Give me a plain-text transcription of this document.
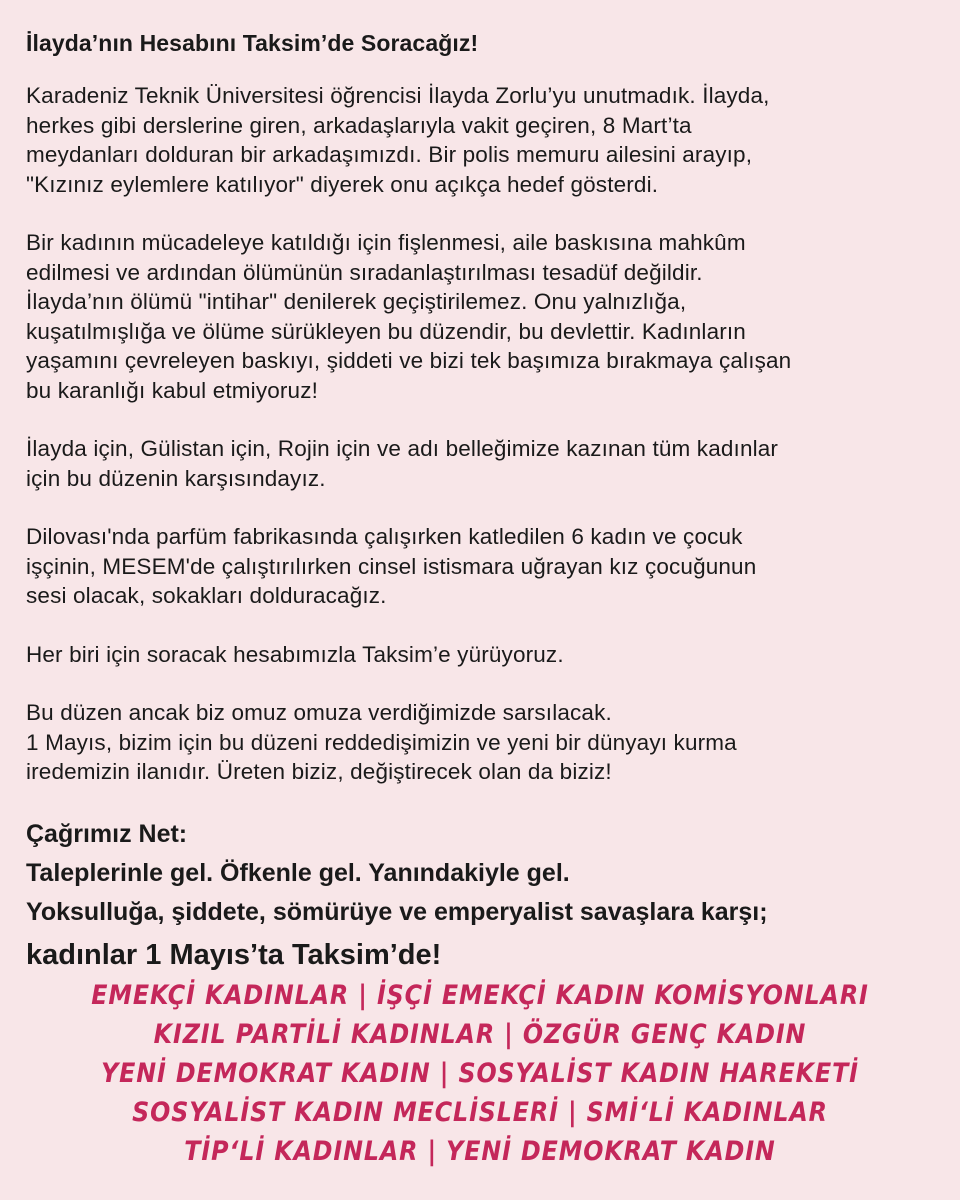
İlayda’nın Hesabını Taksim’de Soracağız!
Karadeniz Teknik Üniversitesi öğrencisi İlayda Zorlu’yu unutmadık. İlayda,
herkes gibi derslerine giren, arkadaşlarıyla vakit geçiren, 8 Mart’ta
meydanları dolduran bir arkadaşımızdı. Bir polis memuru ailesini arayıp,
"Kızınız eylemlere katılıyor" diyerek onu açıkça hedef gösterdi.
Bir kadının mücadeleye katıldığı için fişlenmesi, aile baskısına mahkûm
edilmesi ve ardından ölümünün sıradanlaştırılması tesadüf değildir.
İlayda’nın ölümü "intihar" denilerek geçiştirilemez. Onu yalnızlığa,
kuşatılmışlığa ve ölüme sürükleyen bu düzendir, bu devlettir. Kadınların
yaşamını çevreleyen baskıyı, şiddeti ve bizi tek başımıza bırakmaya çalışan
bu karanlığı kabul etmiyoruz!
İlayda için, Gülistan için, Rojin için ve adı belleğimize kazınan tüm kadınlar
için bu düzenin karşısındayız.
Dilovası'nda parfüm fabrikasında çalışırken katledilen 6 kadın ve çocuk
işçinin, MESEM'de çalıştırılırken cinsel istismara uğrayan kız çocuğunun
sesi olacak, sokakları dolduracağız.
Her biri için soracak hesabımızla Taksim’e yürüyoruz.
Bu düzen ancak biz omuz omuza verdiğimizde sarsılacak.
1 Mayıs, bizim için bu düzeni reddedişimizin ve yeni bir dünyayı kurma
iredemizin ilanıdır. Üreten biziz, değiştirecek olan da biziz!
Çağrımız Net:
Taleplerinle gel. Öfkenle gel. Yanındakiyle gel.
Yoksulluğa, şiddete, sömürüye ve emperyalist savaşlara karşı;
kadınlar 1 Mayıs’ta Taksim’de!
EMEKÇİ KADINLAR | İŞÇİ EMEKÇİ KADIN KOMİSYONLARI
KIZIL PARTİLİ KADINLAR | ÖZGÜR GENÇ KADIN
YENİ DEMOKRAT KADIN | SOSYALİST KADIN HAREKETİ
SOSYALİST KADIN MECLİSLERİ | SMİ‘Lİ KADINLAR
TİP‘Lİ KADINLAR | YENİ DEMOKRAT KADIN
